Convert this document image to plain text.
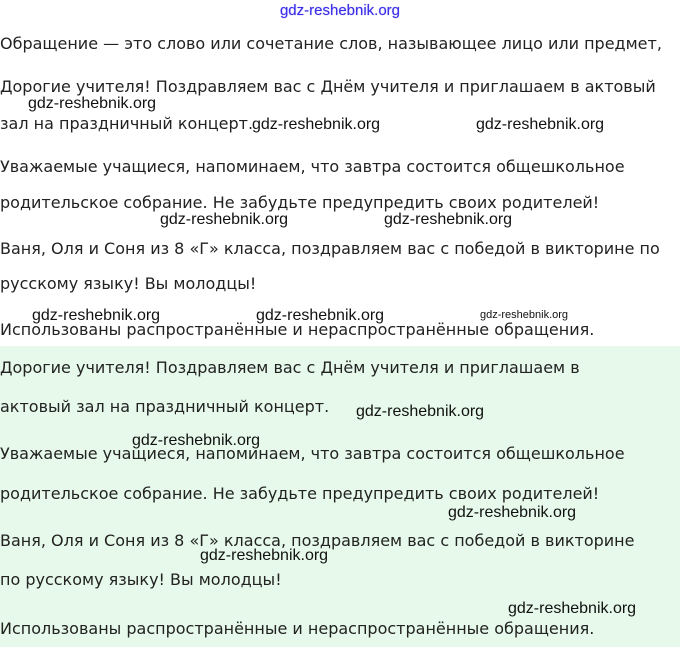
gdz-reshebnik.org
Обращение — это слово или сочетание слов, называющее лицо или предмет,
Дорогие учителя! Поздравляем вас с Днём учителя и приглашаем в актовый
зал на праздничный концерт.
Уважаемые учащиеся, напоминаем, что завтра состоится общешкольное
родительское собрание. Не забудьте предупредить своих родителей!
Ваня, Оля и Соня из 8 «Г» класса, поздравляем вас с победой в викторине по
русскому языку! Вы молодцы!
Использованы распространённые и нераспространённые обращения.
Дорогие учителя! Поздравляем вас с Днём учителя и приглашаем в
актовый зал на праздничный концерт.
Уважаемые учащиеся, напоминаем, что завтра состоится общешкольное
родительское собрание. Не забудьте предупредить своих родителей!
Ваня, Оля и Соня из 8 «Г» класса, поздравляем вас с победой в викторине
по русскому языку! Вы молодцы!
Использованы распространённые и нераспространённые обращения.
gdz-reshebnik.org
gdz-reshebnik.org	gdz-reshebnik.org
gdz-reshebnik.org	gdz-reshebnik.org
gdz-reshebnik.org	gdz-reshebnik.org	gdz-reshebnik.org
gdz-reshebnik.org
gdz-reshebnik.org
gdz-reshebnik.org
gdz-reshebnik.org
gdz-reshebnik.org
